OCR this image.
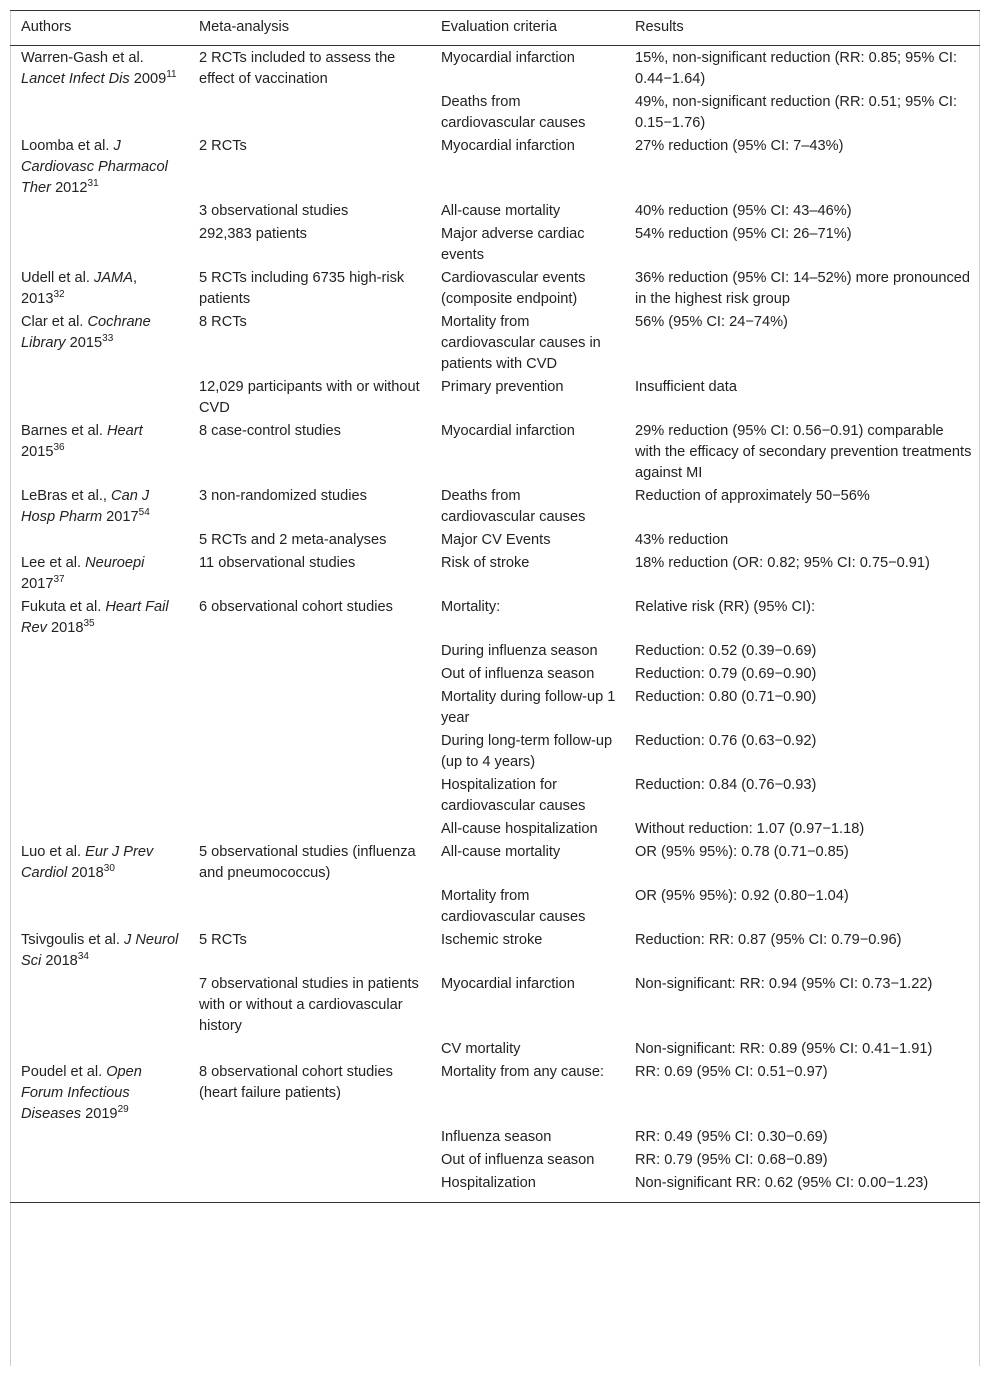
Authors	Meta-analysis	Evaluation criteria	Results
Warren-Gash et al. Lancet Infect Dis 2009$^{11}$	2 RCTs included to assess the effect of vaccination	Myocardial infarction	15%, non-significant reduction (RR: 0.85; 95% CI: 0.44−1.64)
		Deaths from cardiovascular causes	49%, non-significant reduction (RR: 0.51; 95% CI: 0.15−1.76)
Loomba et al. J Cardiovasc Pharmacol Ther 2012$^{31}$	2 RCTs	Myocardial infarction	27% reduction (95% CI: 7–43%)
	3 observational studies	All-cause mortality	40% reduction (95% CI: 43–46%)
	292,383 patients	Major adverse cardiac events	54% reduction (95% CI: 26–71%)
Udell et al. JAMA, 2013$^{32}$	5 RCTs including 6735 high-risk patients	Cardiovascular events (composite endpoint)	36% reduction (95% CI: 14–52%) more pronounced in the highest risk group
Clar et al. Cochrane Library 2015$^{33}$	8 RCTs	Mortality from cardiovascular causes in patients with CVD	56% (95% CI: 24−74%)
	12,029 participants with or without CVD	Primary prevention	Insufficient data
Barnes et al. Heart 2015$^{36}$	8 case-control studies	Myocardial infarction	29% reduction (95% CI: 0.56−0.91) comparable with the efficacy of secondary prevention treatments against MI
LeBras et al., Can J Hosp Pharm 2017$^{54}$	3 non-randomized studies	Deaths from cardiovascular causes	Reduction of approximately 50−56%
	5 RCTs and 2 meta-analyses	Major CV Events	43% reduction
Lee et al. Neuroepi 2017$^{37}$	11 observational studies	Risk of stroke	18% reduction (OR: 0.82; 95% CI: 0.75−0.91)
Fukuta et al. Heart Fail Rev 2018$^{35}$	6 observational cohort studies	Mortality:	Relative risk (RR) (95% CI):
		During influenza season	Reduction: 0.52 (0.39−0.69)
		Out of influenza season	Reduction: 0.79 (0.69−0.90)
		Mortality during follow-up 1 year	Reduction: 0.80 (0.71−0.90)
		During long-term follow-up (up to 4 years)	Reduction: 0.76 (0.63−0.92)
		Hospitalization for cardiovascular causes	Reduction: 0.84 (0.76−0.93)
		All-cause hospitalization	Without reduction: 1.07 (0.97−1.18)
Luo et al. Eur J Prev Cardiol 2018$^{30}$	5 observational studies (influenza and pneumococcus)	All-cause mortality	OR (95% 95%): 0.78 (0.71−0.85)
		Mortality from cardiovascular causes	OR (95% 95%): 0.92 (0.80−1.04)
Tsivgoulis et al. J Neurol Sci 2018$^{34}$	5 RCTs	Ischemic stroke	Reduction: RR: 0.87 (95% CI: 0.79−0.96)
	7 observational studies in patients with or without a cardiovascular history	Myocardial infarction	Non-significant: RR: 0.94 (95% CI: 0.73−1.22)
		CV mortality	Non-significant: RR: 0.89 (95% CI: 0.41−1.91)
Poudel et al. Open Forum Infectious Diseases 2019$^{29}$	8 observational cohort studies (heart failure patients)	Mortality from any cause:	RR: 0.69 (95% CI: 0.51−0.97)
		Influenza season	RR: 0.49 (95% CI: 0.30−0.69)
		Out of influenza season	RR: 0.79 (95% CI: 0.68−0.89)
		Hospitalization	Non-significant RR: 0.62 (95% CI: 0.00−1.23)
